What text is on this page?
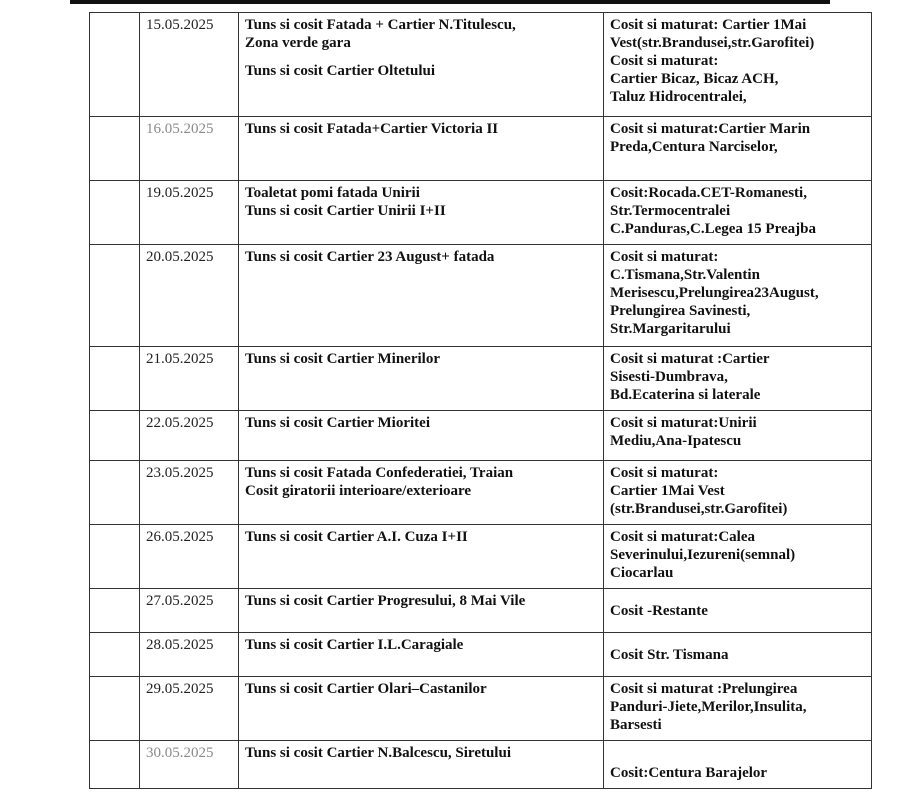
	15.05.2025	Tuns si cosit Fatada + Cartier N.Titulescu,
Zona verde gara
Tuns si cosit Cartier Oltetului	Cosit si maturat: Cartier 1Mai
Vest(str.Brandusei,str.Garofitei)
Cosit si maturat:
Cartier Bicaz, Bicaz ACH,
Taluz Hidrocentralei,

	16.05.2025	Tuns si cosit Fatada+Cartier Victoria II	Cosit si maturat:Cartier Marin
Preda,Centura Narciselor,

	19.05.2025	Toaletat pomi fatada Unirii
Tuns si cosit Cartier Unirii I+II	Cosit:Rocada.CET-Romanesti,
Str.Termocentralei
C.Panduras,C.Legea 15 Preajba

	20.05.2025	Tuns si cosit Cartier 23 August+ fatada	Cosit si maturat:
C.Tismana,Str.Valentin
Merisescu,Prelungirea23August,
Prelungirea Savinesti,
Str.Margaritarului

	21.05.2025	Tuns si cosit Cartier Minerilor	Cosit si maturat :Cartier
Sisesti-Dumbrava,
Bd.Ecaterina si laterale

	22.05.2025	Tuns si cosit Cartier Mioritei	Cosit si maturat:Unirii
Mediu,Ana-Ipatescu

	23.05.2025	Tuns si cosit Fatada Confederatiei, Traian
Cosit giratorii interioare/exterioare	Cosit si maturat:
Cartier 1Mai Vest
(str.Brandusei,str.Garofitei)

	26.05.2025	Tuns si cosit Cartier A.I. Cuza I+II	Cosit si maturat:Calea
Severinului,Iezureni(semnal)
Ciocarlau

	27.05.2025	Tuns si cosit Cartier Progresului, 8 Mai Vile	Cosit -Restante

	28.05.2025	Tuns si cosit Cartier I.L.Caragiale	Cosit Str. Tismana

	29.05.2025	Tuns si cosit Cartier Olari–Castanilor	Cosit si maturat :Prelungirea
Panduri-Jiete,Merilor,Insulita,
Barsesti

	30.05.2025	Tuns si cosit Cartier N.Balcescu, Siretului	Cosit:Centura Barajelor
